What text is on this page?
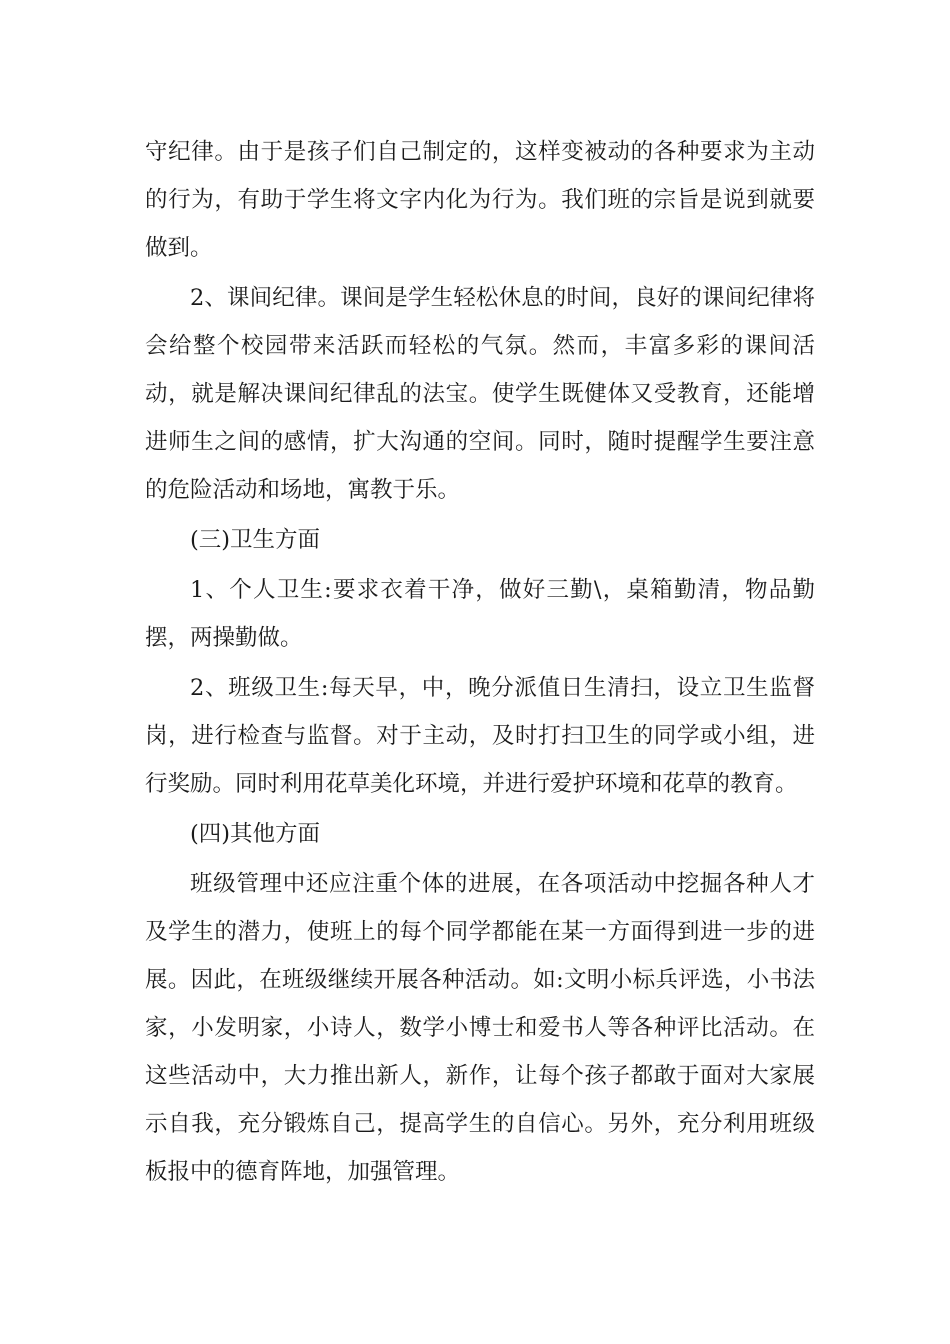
守纪律。由于是孩子们自己制定的，这样变被动的各种要求为主动的行为，有助于学生将文字内化为行为。我们班的宗旨是说到就要做到。

2、课间纪律。课间是学生轻松休息的时间，良好的课间纪律将会给整个校园带来活跃而轻松的气氛。然而，丰富多彩的课间活动，就是解决课间纪律乱的法宝。使学生既健体又受教育，还能增进师生之间的感情，扩大沟通的空间。同时，随时提醒学生要注意的危险活动和场地，寓教于乐。

(三)卫生方面

1、个人卫生:要求衣着干净，做好三勤\，桌箱勤清，物品勤摆，两操勤做。

2、班级卫生:每天早，中，晚分派值日生清扫，设立卫生监督岗，进行检查与监督。对于主动，及时打扫卫生的同学或小组，进行奖励。同时利用花草美化环境，并进行爱护环境和花草的教育。

(四)其他方面

班级管理中还应注重个体的进展，在各项活动中挖掘各种人才及学生的潜力，使班上的每个同学都能在某一方面得到进一步的进展。因此，在班级继续开展各种活动。如:文明小标兵评选，小书法家，小发明家，小诗人，数学小博士和爱书人等各种评比活动。在这些活动中，大力推出新人，新作，让每个孩子都敢于面对大家展示自我，充分锻炼自己，提高学生的自信心。另外，充分利用班级板报中的德育阵地，加强管理。
